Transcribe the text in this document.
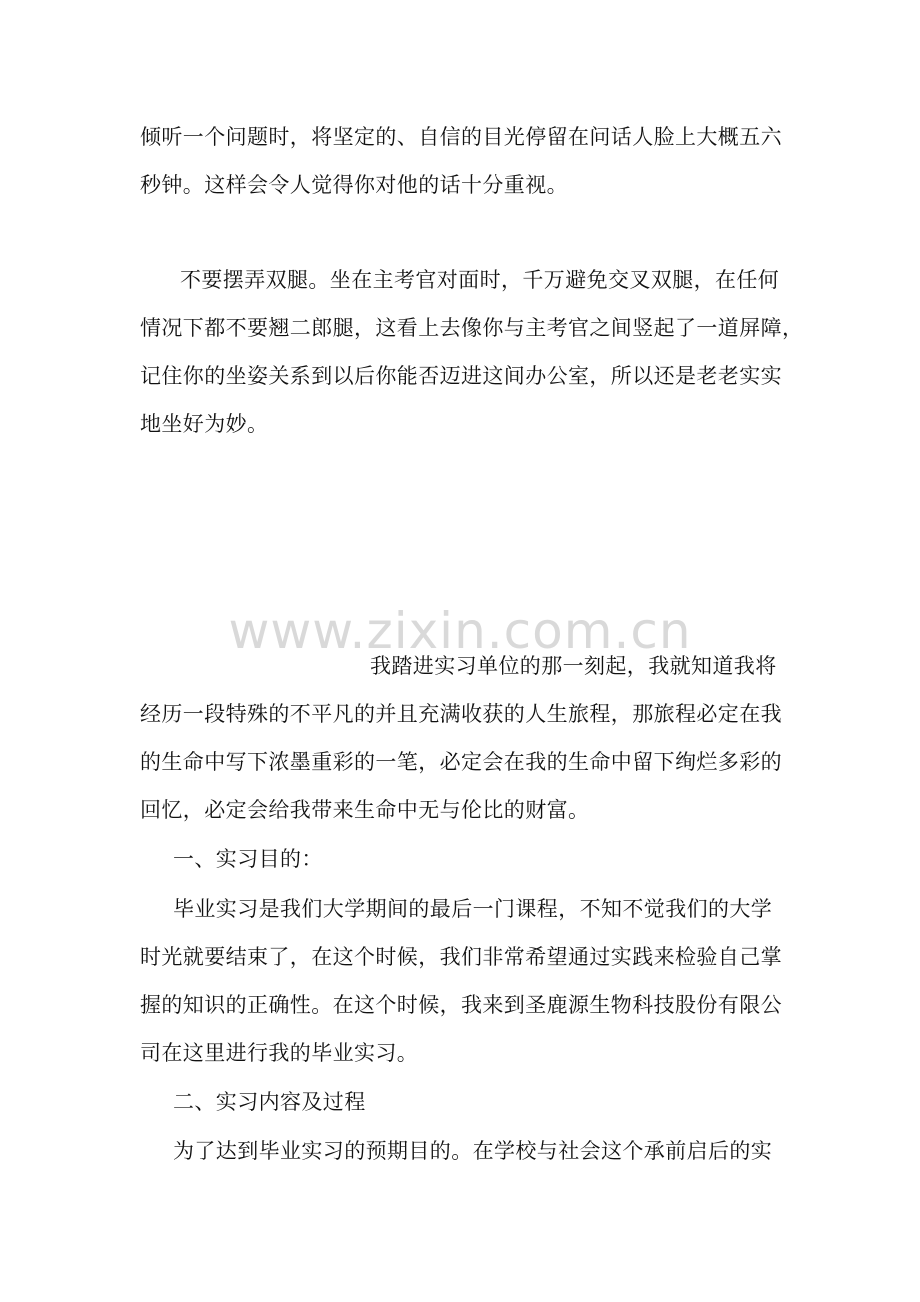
www.zixin.com.cn
倾听一个问题时，将坚定的、自信的目光停留在问话人脸上大概五六
秒钟。这样会令人觉得你对他的话十分重视。
不要摆弄双腿。坐在主考官对面时，千万避免交叉双腿，在任何
情况下都不要翘二郎腿，这看上去像你与主考官之间竖起了一道屏障，
记住你的坐姿关系到以后你能否迈进这间办公室，所以还是老老实实
地坐好为妙。
我踏进实习单位的那一刻起，我就知道我将
经历一段特殊的不平凡的并且充满收获的人生旅程，那旅程必定在我
的生命中写下浓墨重彩的一笔，必定会在我的生命中留下绚烂多彩的
回忆，必定会给我带来生命中无与伦比的财富。
一、实习目的：
毕业实习是我们大学期间的最后一门课程，不知不觉我们的大学
时光就要结束了，在这个时候，我们非常希望通过实践来检验自己掌
握的知识的正确性。在这个时候，我来到圣鹿源生物科技股份有限公
司在这里进行我的毕业实习。
二、实习内容及过程
为了达到毕业实习的预期目的。在学校与社会这个承前启后的实
